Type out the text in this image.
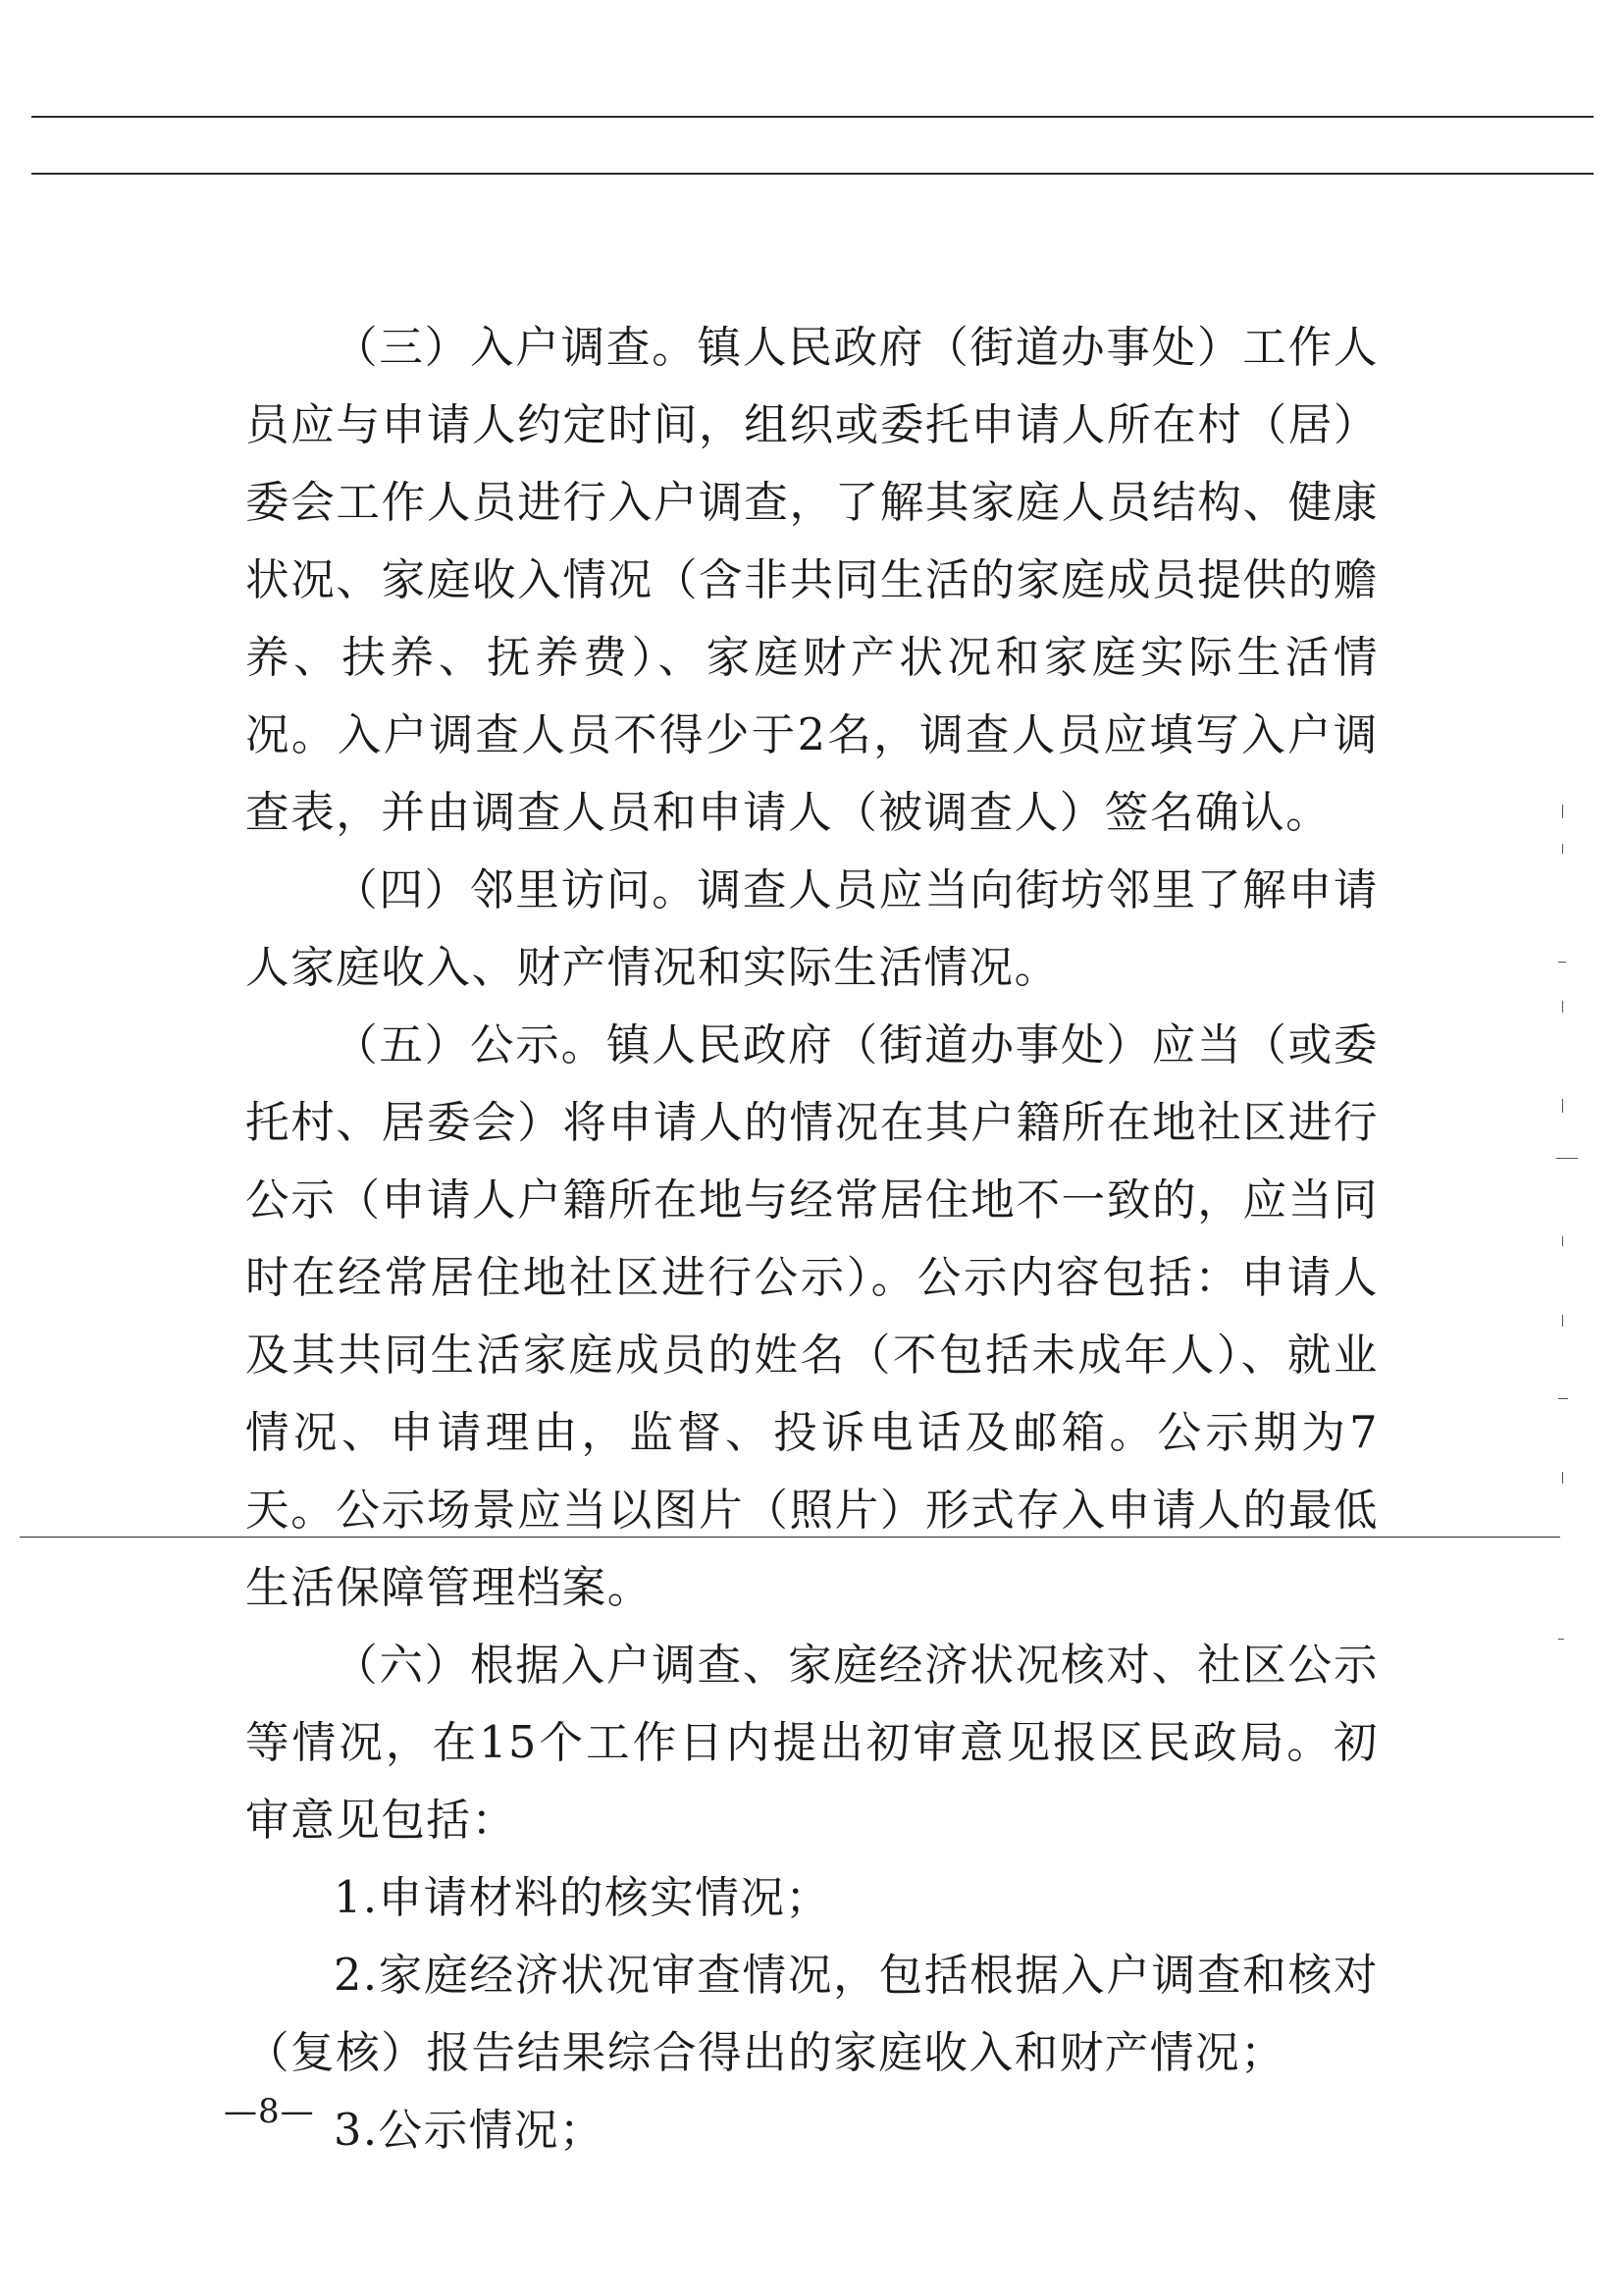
（三）入户调查。镇人民政府（街道办事处）工作人员应与申请人约定时间，组织或委托申请人所在村（居）委会工作人员进行入户调查，了解其家庭人员结构、健康状况、家庭收入情况（含非共同生活的家庭成员提供的赡养、扶养、抚养费）、家庭财产状况和家庭实际生活情况。入户调查人员不得少于2名，调查人员应填写入户调查表，并由调查人员和申请人（被调查人）签名确认。

（四）邻里访问。调查人员应当向街坊邻里了解申请人家庭收入、财产情况和实际生活情况。

（五）公示。镇人民政府（街道办事处）应当（或委托村、居委会）将申请人的情况在其户籍所在地社区进行公示（申请人户籍所在地与经常居住地不一致的，应当同时在经常居住地社区进行公示）。公示内容包括：申请人及其共同生活家庭成员的姓名（不包括未成年人）、就业情况、申请理由，监督、投诉电话及邮箱。公示期为7天。公示场景应当以图片（照片）形式存入申请人的最低生活保障管理档案。

（六）根据入户调查、家庭经济状况核对、社区公示等情况，在15个工作日内提出初审意见报区民政局。初审意见包括：

1.申请材料的核实情况；

2.家庭经济状况审查情况，包括根据入户调查和核对（复核）报告结果综合得出的家庭收入和财产情况；

3.公示情况；

—8—
